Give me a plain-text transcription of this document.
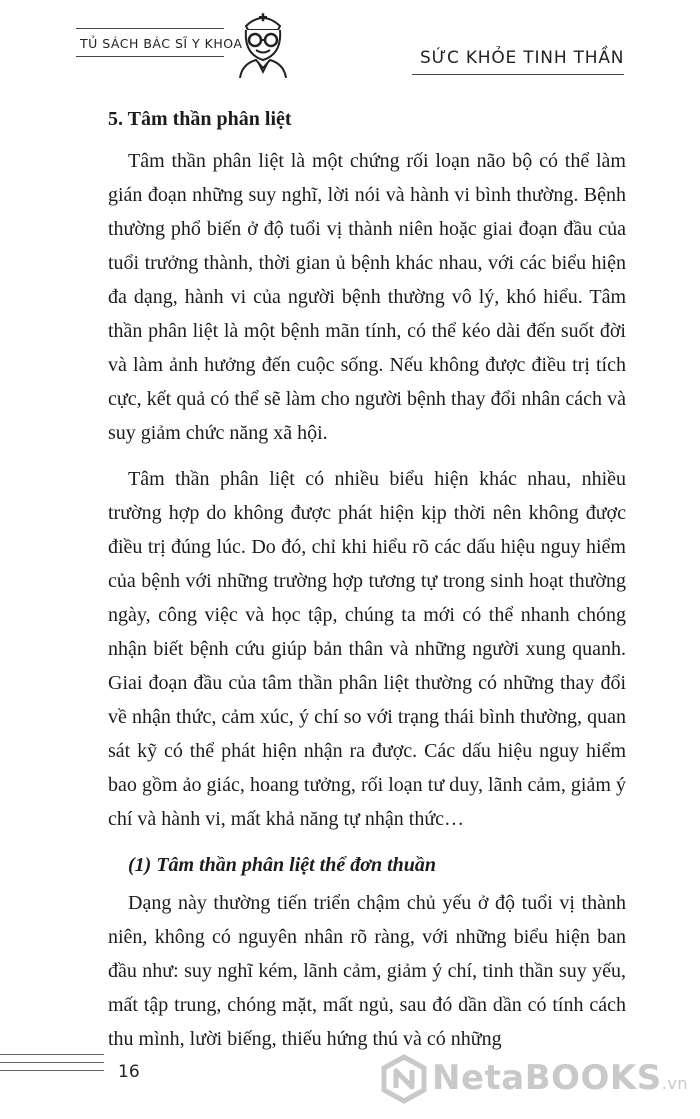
TỦ SÁCH BÁC SĨ Y KHOA
SỨC KHỎE TINH THẦN

5. Tâm thần phân liệt

Tâm thần phân liệt là một chứng rối loạn não bộ có thể làm gián đoạn những suy nghĩ, lời nói và hành vi bình thường. Bệnh thường phổ biến ở độ tuổi vị thành niên hoặc giai đoạn đầu của tuổi trưởng thành, thời gian ủ bệnh khác nhau, với các biểu hiện đa dạng, hành vi của người bệnh thường vô lý, khó hiểu. Tâm thần phân liệt là một bệnh mãn tính, có thể kéo dài đến suốt đời và làm ảnh hưởng đến cuộc sống. Nếu không được điều trị tích cực, kết quả có thể sẽ làm cho người bệnh thay đổi nhân cách và suy giảm chức năng xã hội.

Tâm thần phân liệt có nhiều biểu hiện khác nhau, nhiều trường hợp do không được phát hiện kịp thời nên không được điều trị đúng lúc. Do đó, chỉ khi hiểu rõ các dấu hiệu nguy hiểm của bệnh với những trường hợp tương tự trong sinh hoạt thường ngày, công việc và học tập, chúng ta mới có thể nhanh chóng nhận biết bệnh cứu giúp bản thân và những người xung quanh. Giai đoạn đầu của tâm thần phân liệt thường có những thay đổi về nhận thức, cảm xúc, ý chí so với trạng thái bình thường, quan sát kỹ có thể phát hiện nhận ra được. Các dấu hiệu nguy hiểm bao gồm ảo giác, hoang tưởng, rối loạn tư duy, lãnh cảm, giảm ý chí và hành vi, mất khả năng tự nhận thức…

(1) Tâm thần phân liệt thể đơn thuần

Dạng này thường tiến triển chậm chủ yếu ở độ tuổi vị thành niên, không có nguyên nhân rõ ràng, với những biểu hiện ban đầu như: suy nghĩ kém, lãnh cảm, giảm ý chí, tinh thần suy yếu, mất tập trung, chóng mặt, mất ngủ, sau đó dần dần có tính cách thu mình, lười biếng, thiếu hứng thú và có những

16	NetaBOOKS.vn
